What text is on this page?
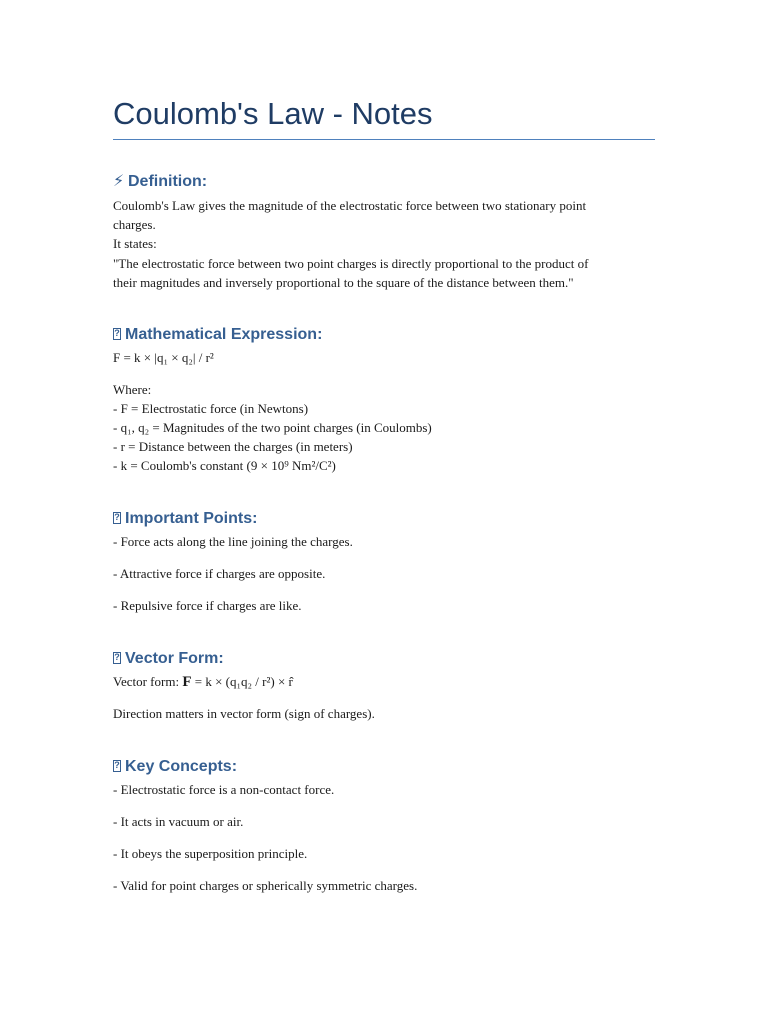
Coulomb's Law - Notes
⚡ Definition:

Coulomb's Law gives the magnitude of the electrostatic force between two stationary point

charges.

It states:

"The electrostatic force between two point charges is directly proportional to the product of

their magnitudes and inversely proportional to the square of the distance between them."

?Mathematical Expression:

F = k × |q₁ × q₂| / r²

Where:

- F = Electrostatic force (in Newtons)

- q₁, q₂ = Magnitudes of the two point charges (in Coulombs)

- r = Distance between the charges (in meters)

- k = Coulomb's constant (9 × 10⁹ Nm²/C²)

?Important Points:

- Force acts along the line joining the charges.

- Attractive force if charges are opposite.

- Repulsive force if charges are like.

?Vector Form:

Vector form: F = k × (q₁q₂ / r²) × r̂

Direction matters in vector form (sign of charges).

?Key Concepts:

- Electrostatic force is a non-contact force.

- It acts in vacuum or air.

- It obeys the superposition principle.

- Valid for point charges or spherically symmetric charges.
